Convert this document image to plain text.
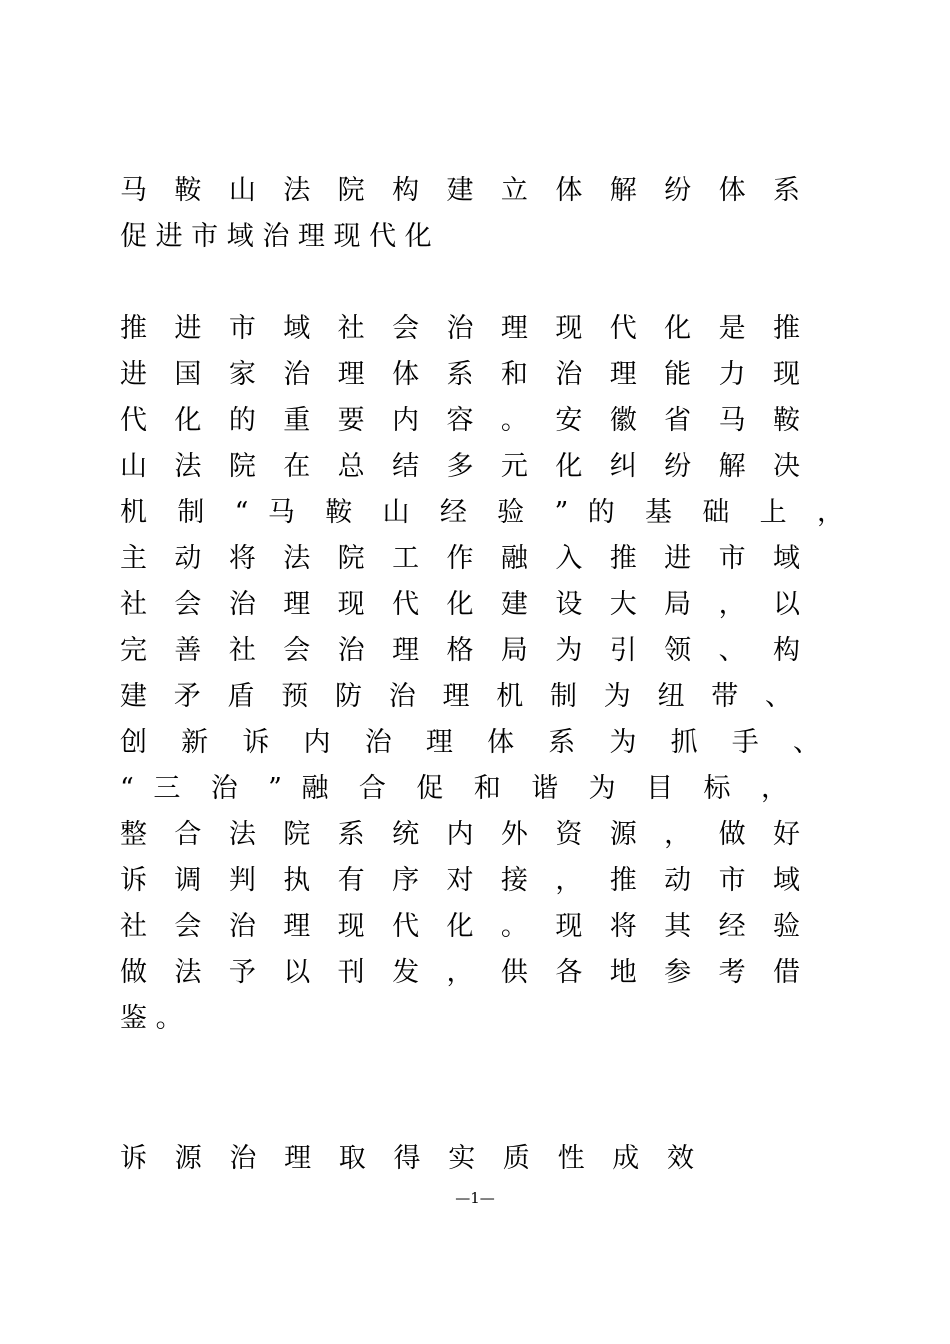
马 鞍 山 法 院 构 建 立 体 解 纷 体 系
促 进 市 域 治 理 现 代 化
推 进 市 域 社 会 治 理 现 代 化 是 推
进 国 家 治 理 体 系 和 治 理 能 力 现
代 化 的 重 要 内 容 。 安 徽 省 马 鞍
山 法 院 在 总 结 多 元 化 纠 纷 解 决
机 制 “ 马 鞍 山 经 验 ” 的 基 础 上 ，
主 动 将 法 院 工 作 融 入 推 进 市 域
社 会 治 理 现 代 化 建 设 大 局 ， 以
完 善 社 会 治 理 格 局 为 引 领 、 构
建 矛 盾 预 防 治 理 机 制 为 纽 带 、
创 新 诉 内 治 理 体 系 为 抓 手 、
“ 三 治 ” 融 合 促 和 谐 为 目 标 ，
整 合 法 院 系 统 内 外 资 源 ， 做 好
诉 调 判 执 有 序 对 接 ， 推 动 市 域
社 会 治 理 现 代 化 。 现 将 其 经 验
做 法 予 以 刊 发 ， 供 各 地 参 考 借
鉴 。
诉 源 治 理 取 得 实 质 性 成 效
—1—
